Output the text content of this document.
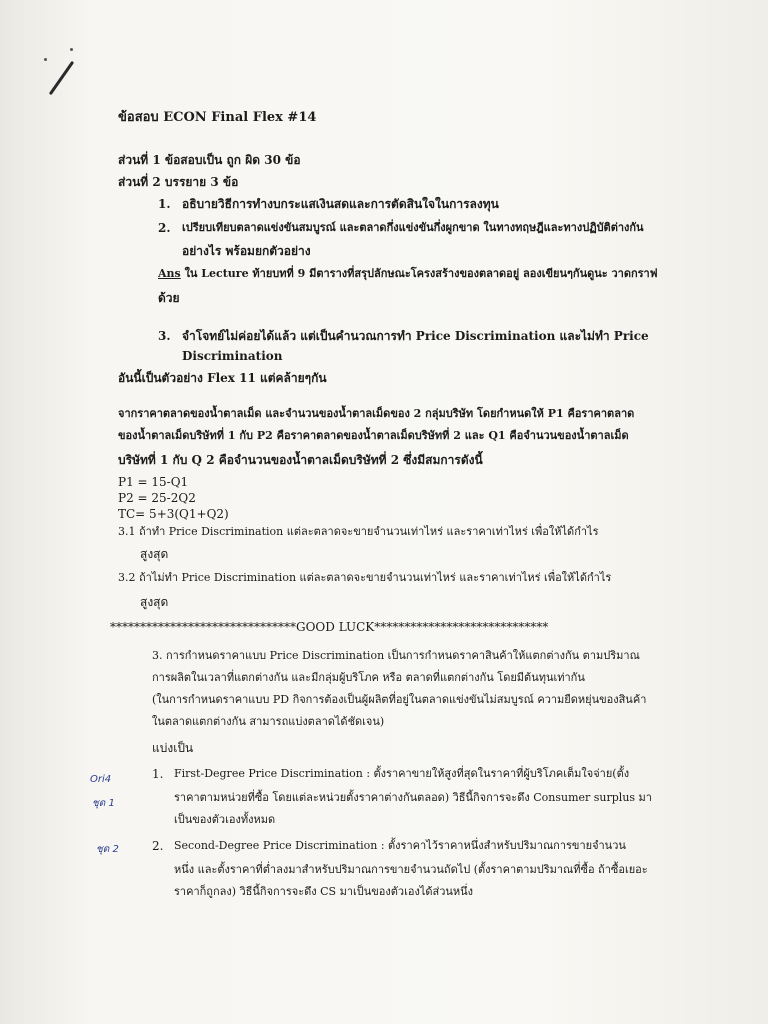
ข้อสอบ ECON Final Flex #14
ส่วนที่ 1 ข้อสอบเป็น ถูก ผิด 30 ข้อ
ส่วนที่ 2 บรรยาย 3 ข้อ
1. อธิบายวิธีการทำงบกระแสเงินสดและการตัดสินใจในการลงทุน
2. เปรียบเทียบตลาดแข่งขันสมบูรณ์ และตลาดกึ่งแข่งขันกึ่งผูกขาด ในทางทฤษฎีและทางปฏิบัติต่างกัน
อย่างไร พร้อมยกตัวอย่าง
Ans ใน Lecture ท้ายบทที่ 9 มีตารางที่สรุปลักษณะโครงสร้างของตลาดอยู่ ลองเขียนๆกันดูนะ วาดกราฟ
ด้วย
3. จำโจทย์ไม่ค่อยได้แล้ว แต่เป็นคำนวณการทำ Price Discrimination และไม่ทำ Price
Discrimination
อันนี้เป็นตัวอย่าง Flex 11 แต่คล้ายๆกัน
จากราคาตลาดของน้ำตาลเม็ด และจำนวนของน้ำตาลเม็ดของ 2 กลุ่มบริษัท โดยกำหนดให้ P1 คือราคาตลาด
ของน้ำตาลเม็ดบริษัทที่ 1 กับ P2 คือราคาตลาดของน้ำตาลเม็ดบริษัทที่ 2 และ Q1 คือจำนวนของน้ำตาลเม็ด
บริษัทที่ 1 กับ Q 2 คือจำนวนของน้ำตาลเม็ดบริษัทที่ 2 ซึ่งมีสมการดังนี้
P1 = 15-Q1
P2 = 25-2Q2
TC= 5+3(Q1+Q2)
3.1 ถ้าทำ Price Discrimination แต่ละตลาดจะขายจำนวนเท่าไหร่ และราคาเท่าไหร่ เพื่อให้ได้กำไร
สูงสุด
3.2 ถ้าไม่ทำ Price Discrimination แต่ละตลาดจะขายจำนวนเท่าไหร่ และราคาเท่าไหร่ เพื่อให้ได้กำไร
สูงสุด
*******************************GOOD LUCK*****************************
3. การกำหนดราคาแบบ Price Discrimination เป็นการกำหนดราคาสินค้าให้แตกต่างกัน ตามปริมาณ
การผลิตในเวลาที่แตกต่างกัน และมีกลุ่มผู้บริโภค หรือ ตลาดที่แตกต่างกัน โดยมีต้นทุนเท่ากัน
(ในการกำหนดราคาแบบ PD กิจการต้องเป็นผู้ผลิตที่อยู่ในตลาดแข่งขันไม่สมบูรณ์ ความยืดหยุ่นของสินค้า
ในตลาดแตกต่างกัน สามารถแบ่งตลาดได้ชัดเจน)
แบ่งเป็น
1. First-Degree Price Discrimination : ตั้งราคาขายให้สูงที่สุดในราคาที่ผู้บริโภคเต็มใจจ่าย(ตั้ง
ราคาตามหน่วยที่ซื้อ โดยแต่ละหน่วยตั้งราคาต่างกันตลอด) วิธีนี้กิจการจะดึง Consumer surplus มา
เป็นของตัวเองทั้งหมด
2. Second-Degree Price Discrimination : ตั้งราคาไว้ราคาหนึ่งสำหรับปริมาณการขายจำนวน
หนึ่ง และตั้งราคาที่ต่ำลงมาสำหรับปริมาณการขายจำนวนถัดไป (ตั้งราคาตามปริมาณที่ซื้อ ถ้าซื้อเยอะ
ราคาก็ถูกลง) วิธีนี้กิจการจะดึง CS มาเป็นของตัวเองได้ส่วนหนึ่ง
Ori4
ชุด 1
ชุด 2
